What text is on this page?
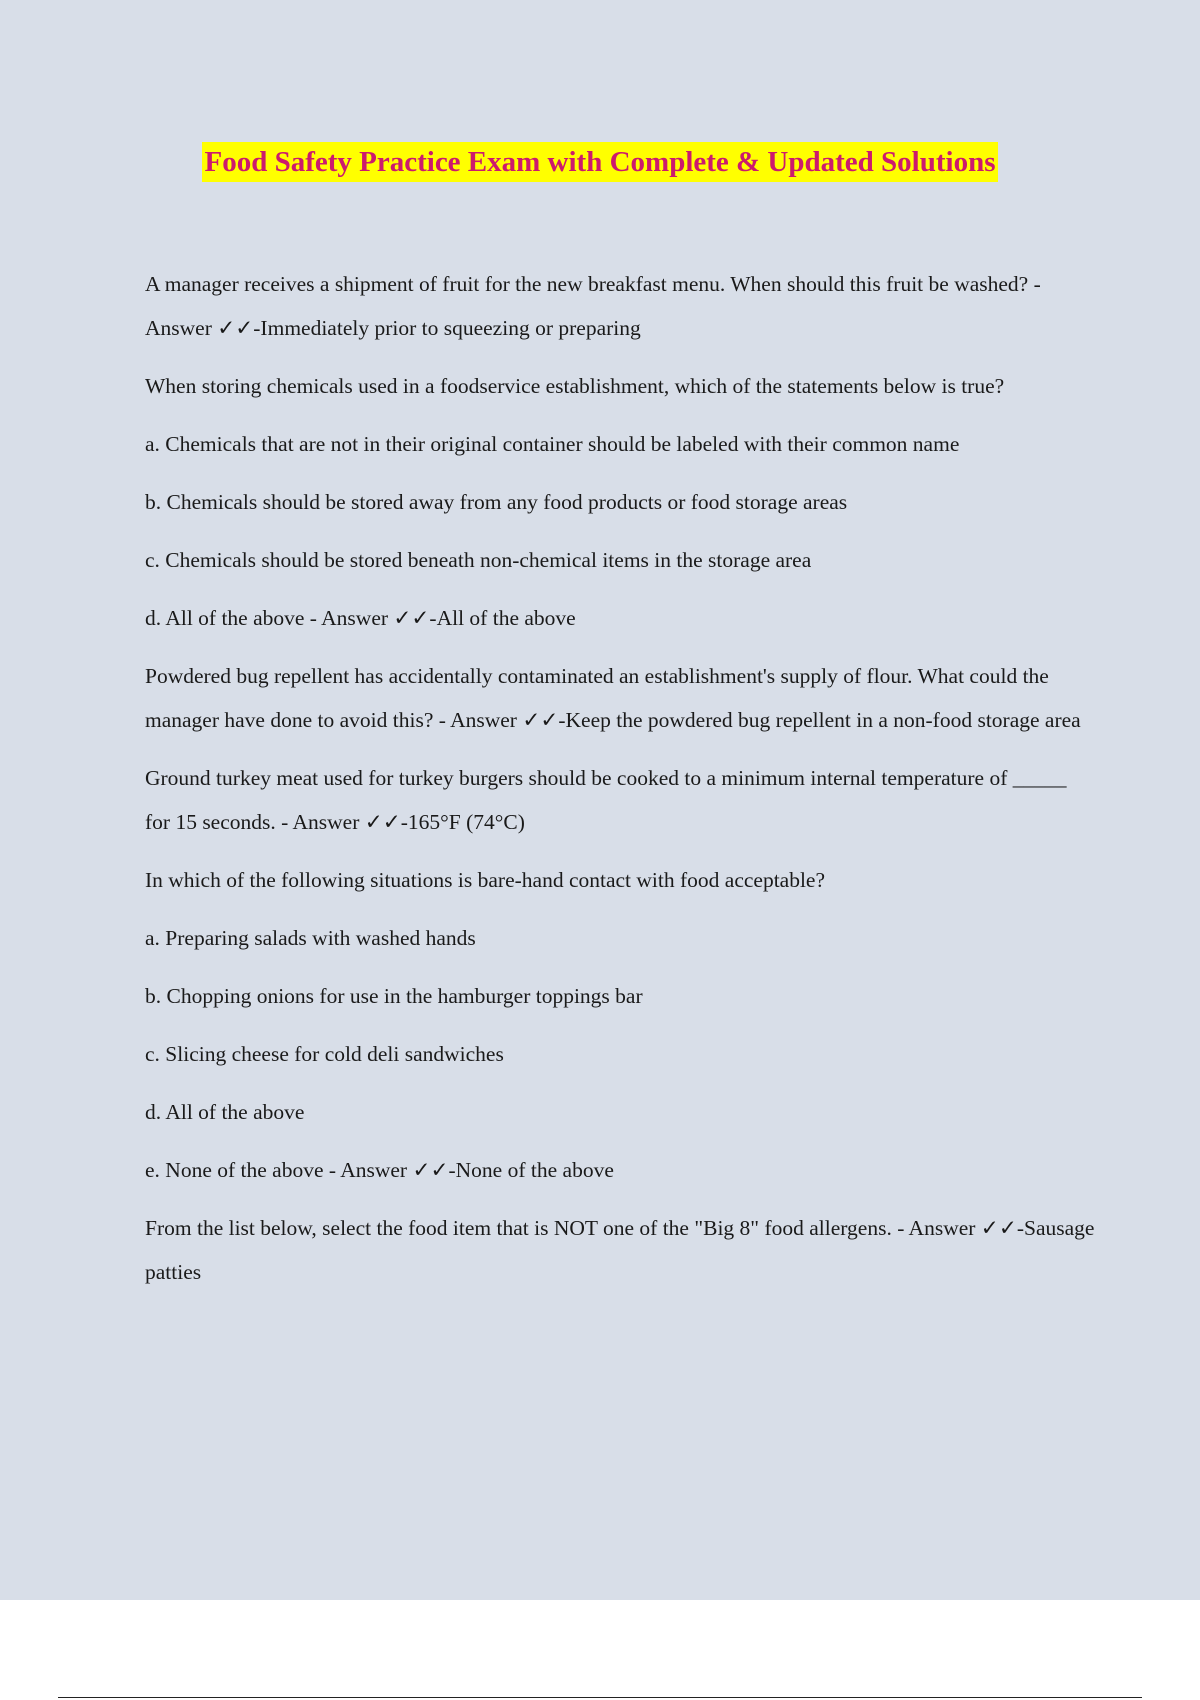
Food Safety Practice Exam with Complete & Updated Solutions

A manager receives a shipment of fruit for the new breakfast menu. When should this fruit be washed? - Answer ✓✓-Immediately prior to squeezing or preparing

When storing chemicals used in a foodservice establishment, which of the statements below is true?

a. Chemicals that are not in their original container should be labeled with their common name

b. Chemicals should be stored away from any food products or food storage areas

c. Chemicals should be stored beneath non-chemical items in the storage area

d. All of the above - Answer ✓✓-All of the above

Powdered bug repellent has accidentally contaminated an establishment's supply of flour. What could the manager have done to avoid this? - Answer ✓✓-Keep the powdered bug repellent in a non-food storage area

Ground turkey meat used for turkey burgers should be cooked to a minimum internal temperature of _____ for 15 seconds. - Answer ✓✓-165°F (74°C)

In which of the following situations is bare-hand contact with food acceptable?

a. Preparing salads with washed hands

b. Chopping onions for use in the hamburger toppings bar

c. Slicing cheese for cold deli sandwiches

d. All of the above

e. None of the above - Answer ✓✓-None of the above

From the list below, select the food item that is NOT one of the "Big 8" food allergens. - Answer ✓✓-Sausage patties
